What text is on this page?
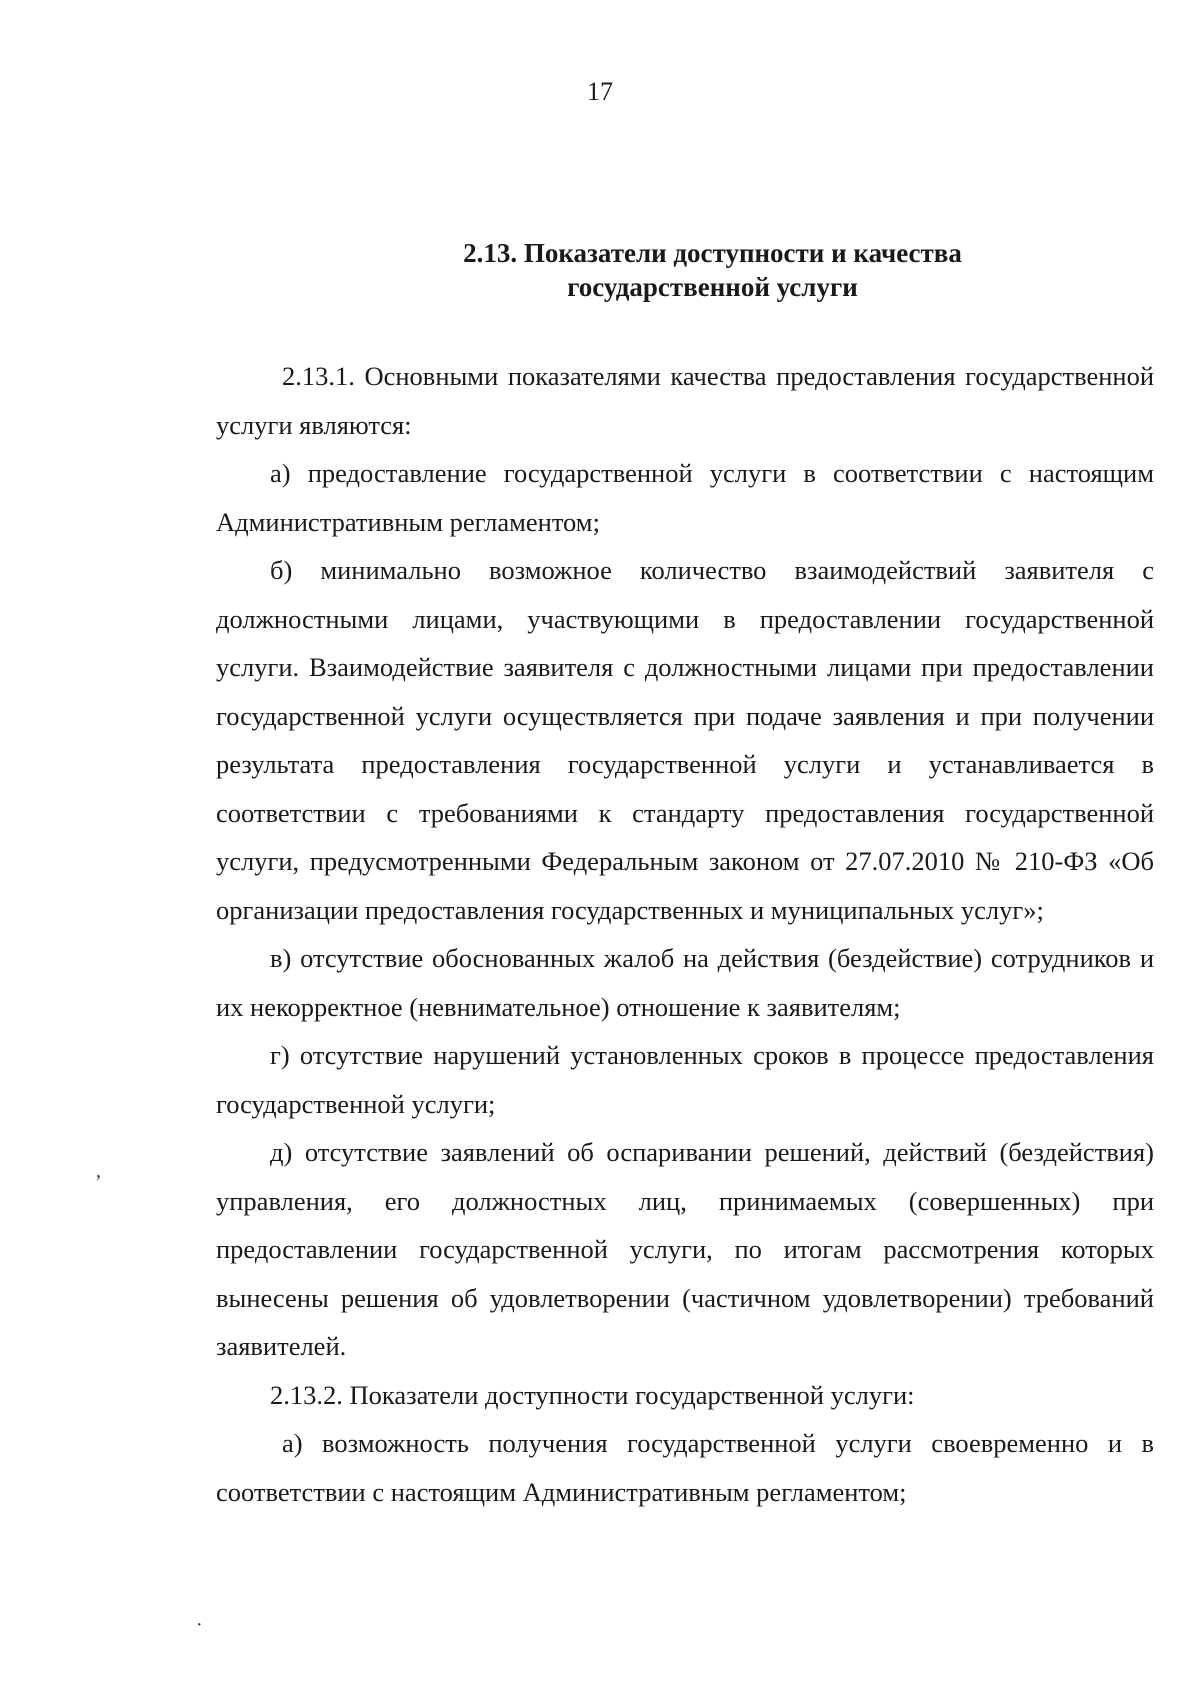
17
2.13. Показатели доступности и качества
государственной услуги

2.13.1. Основными показателями качества предоставления государственной услуги являются:

а) предоставление государственной услуги в соответствии с настоящим Административным регламентом;

б) минимально возможное количество взаимодействий заявителя с должностными лицами, участвующими в предоставлении государственной услуги. Взаимодействие заявителя с должностными лицами при предоставлении государственной услуги осуществляется при подаче заявления и при получении результата предоставления государственной услуги и устанавливается в соответствии с требованиями к стандарту предоставления государственной услуги, предусмотренными Федеральным законом от 27.07.2010 № 210-ФЗ «Об организации предоставления государственных и муниципальных услуг»;

в) отсутствие обоснованных жалоб на действия (бездействие) сотрудников и их некорректное (невнимательное) отношение к заявителям;

г) отсутствие нарушений установленных сроков в процессе предоставления государственной услуги;

д) отсутствие заявлений об оспаривании решений, действий (бездействия) управления, его должностных лиц, принимаемых (совершенных) при предоставлении государственной услуги, по итогам рассмотрения которых вынесены решения об удовлетворении (частичном удовлетворении) требований заявителей.

2.13.2. Показатели доступности государственной услуги:

а) возможность получения государственной услуги своевременно и в соответствии с настоящим Административным регламентом;

,
·
